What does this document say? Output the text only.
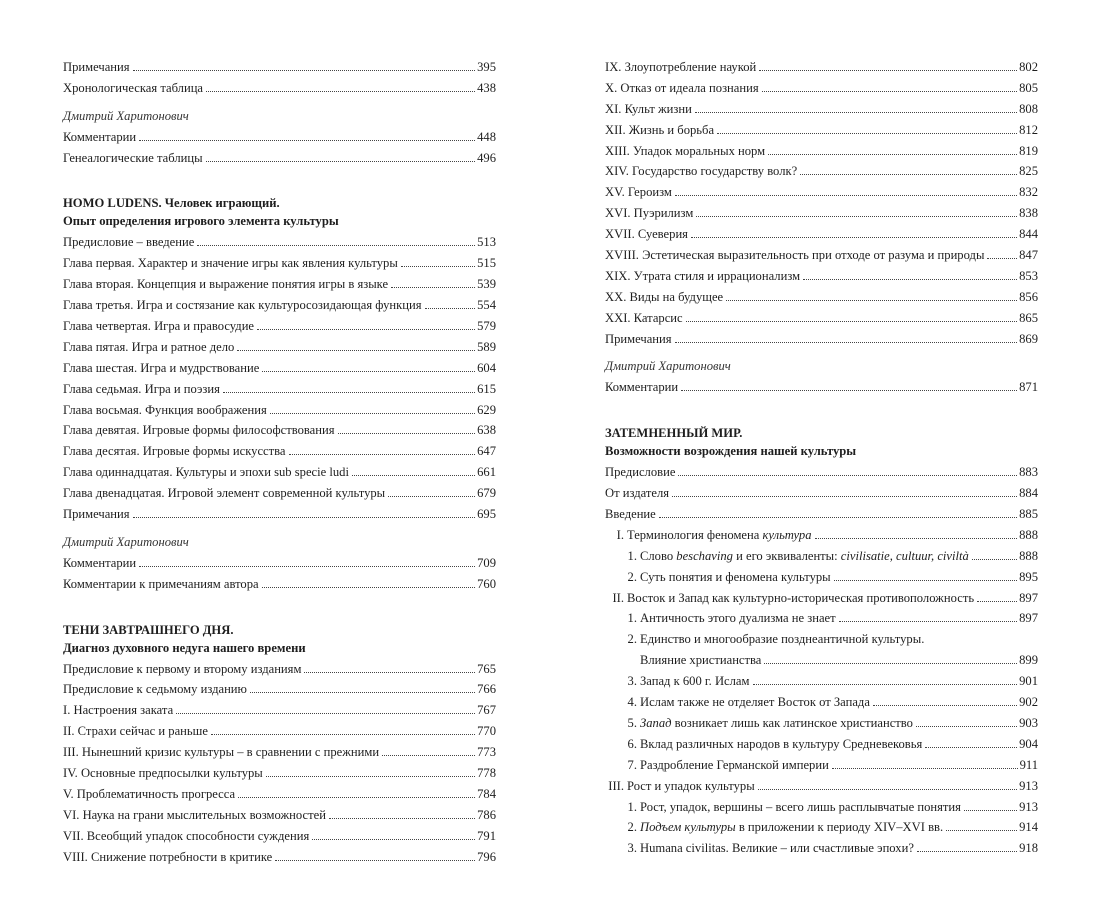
Примечания	395
Хронологическая таблица	438
Дмитрий Харитонович
Комментарии	448
Генеалогические таблицы	496
HOMO LUDENS. Человек играющий.
Опыт определения игрового элемента культуры
Предисловие – введение	513
Глава первая. Характер и значение игры как явления культуры	515
Глава вторая. Концепция и выражение понятия игры в языке	539
Глава третья. Игра и состязание как культуросозидающая функция	554
Глава четвертая. Игра и правосудие	579
Глава пятая. Игра и ратное дело	589
Глава шестая. Игра и мудрствование	604
Глава седьмая. Игра и поэзия	615
Глава восьмая. Функция воображения	629
Глава девятая. Игровые формы философствования	638
Глава десятая. Игровые формы искусства	647
Глава одиннадцатая. Культуры и эпохи sub specie ludi	661
Глава двенадцатая. Игровой элемент современной культуры	679
Примечания	695
Дмитрий Харитонович
Комментарии	709
Комментарии к примечаниям автора	760
ТЕНИ ЗАВТРАШНЕГО ДНЯ.
Диагноз духовного недуга нашего времени
Предисловие к первому и второму изданиям	765
Предисловие к седьмому изданию	766
I. Настроения заката	767
II. Страхи сейчас и раньше	770
III. Нынешний кризис культуры – в сравнении с прежними	773
IV. Основные предпосылки культуры	778
V. Проблематичность прогресса	784
VI. Наука на грани мыслительных возможностей	786
VII. Всеобщий упадок способности суждения	791
VIII. Снижение потребности в критике	796
IX. Злоупотребление наукой	802
X. Отказ от идеала познания	805
XI. Культ жизни	808
XII. Жизнь и борьба	812
XIII. Упадок моральных норм	819
XIV. Государство государству волк?	825
XV. Героизм	832
XVI. Пуэрилизм	838
XVII. Суеверия	844
XVIII. Эстетическая выразительность при отходе от разума и природы	847
XIX. Утрата стиля и иррационализм	853
XX. Виды на будущее	856
XXI. Катарсис	865
Примечания	869
Дмитрий Харитонович
Комментарии	871
ЗАТЕМНЕННЫЙ МИР.
Возможности возрождения нашей культуры
Предисловие	883
От издателя	884
Введение	885
I. Терминология феномена культура	888
1. Слово beschaving и его эквиваленты: civilisatie, cultuur, civiltà	888
2. Суть понятия и феномена культуры	895
II. Восток и Запад как культурно-историческая противоположность	897
1. Античность этого дуализма не знает	897
2. Единство и многообразие позднеантичной культуры.
Влияние христианства	899
3. Запад к 600 г. Ислам	901
4. Ислам также не отделяет Восток от Запада	902
5. Запад возникает лишь как латинское христианство	903
6. Вклад различных народов в культуру Средневековья	904
7. Раздробление Германской империи	911
III. Рост и упадок культуры	913
1. Рост, упадок, вершины – всего лишь расплывчатые понятия	913
2. Подъем культуры в приложении к периоду XIV–XVI вв.	914
3. Humana civilitas. Великие – или счастливые эпохи?	918
